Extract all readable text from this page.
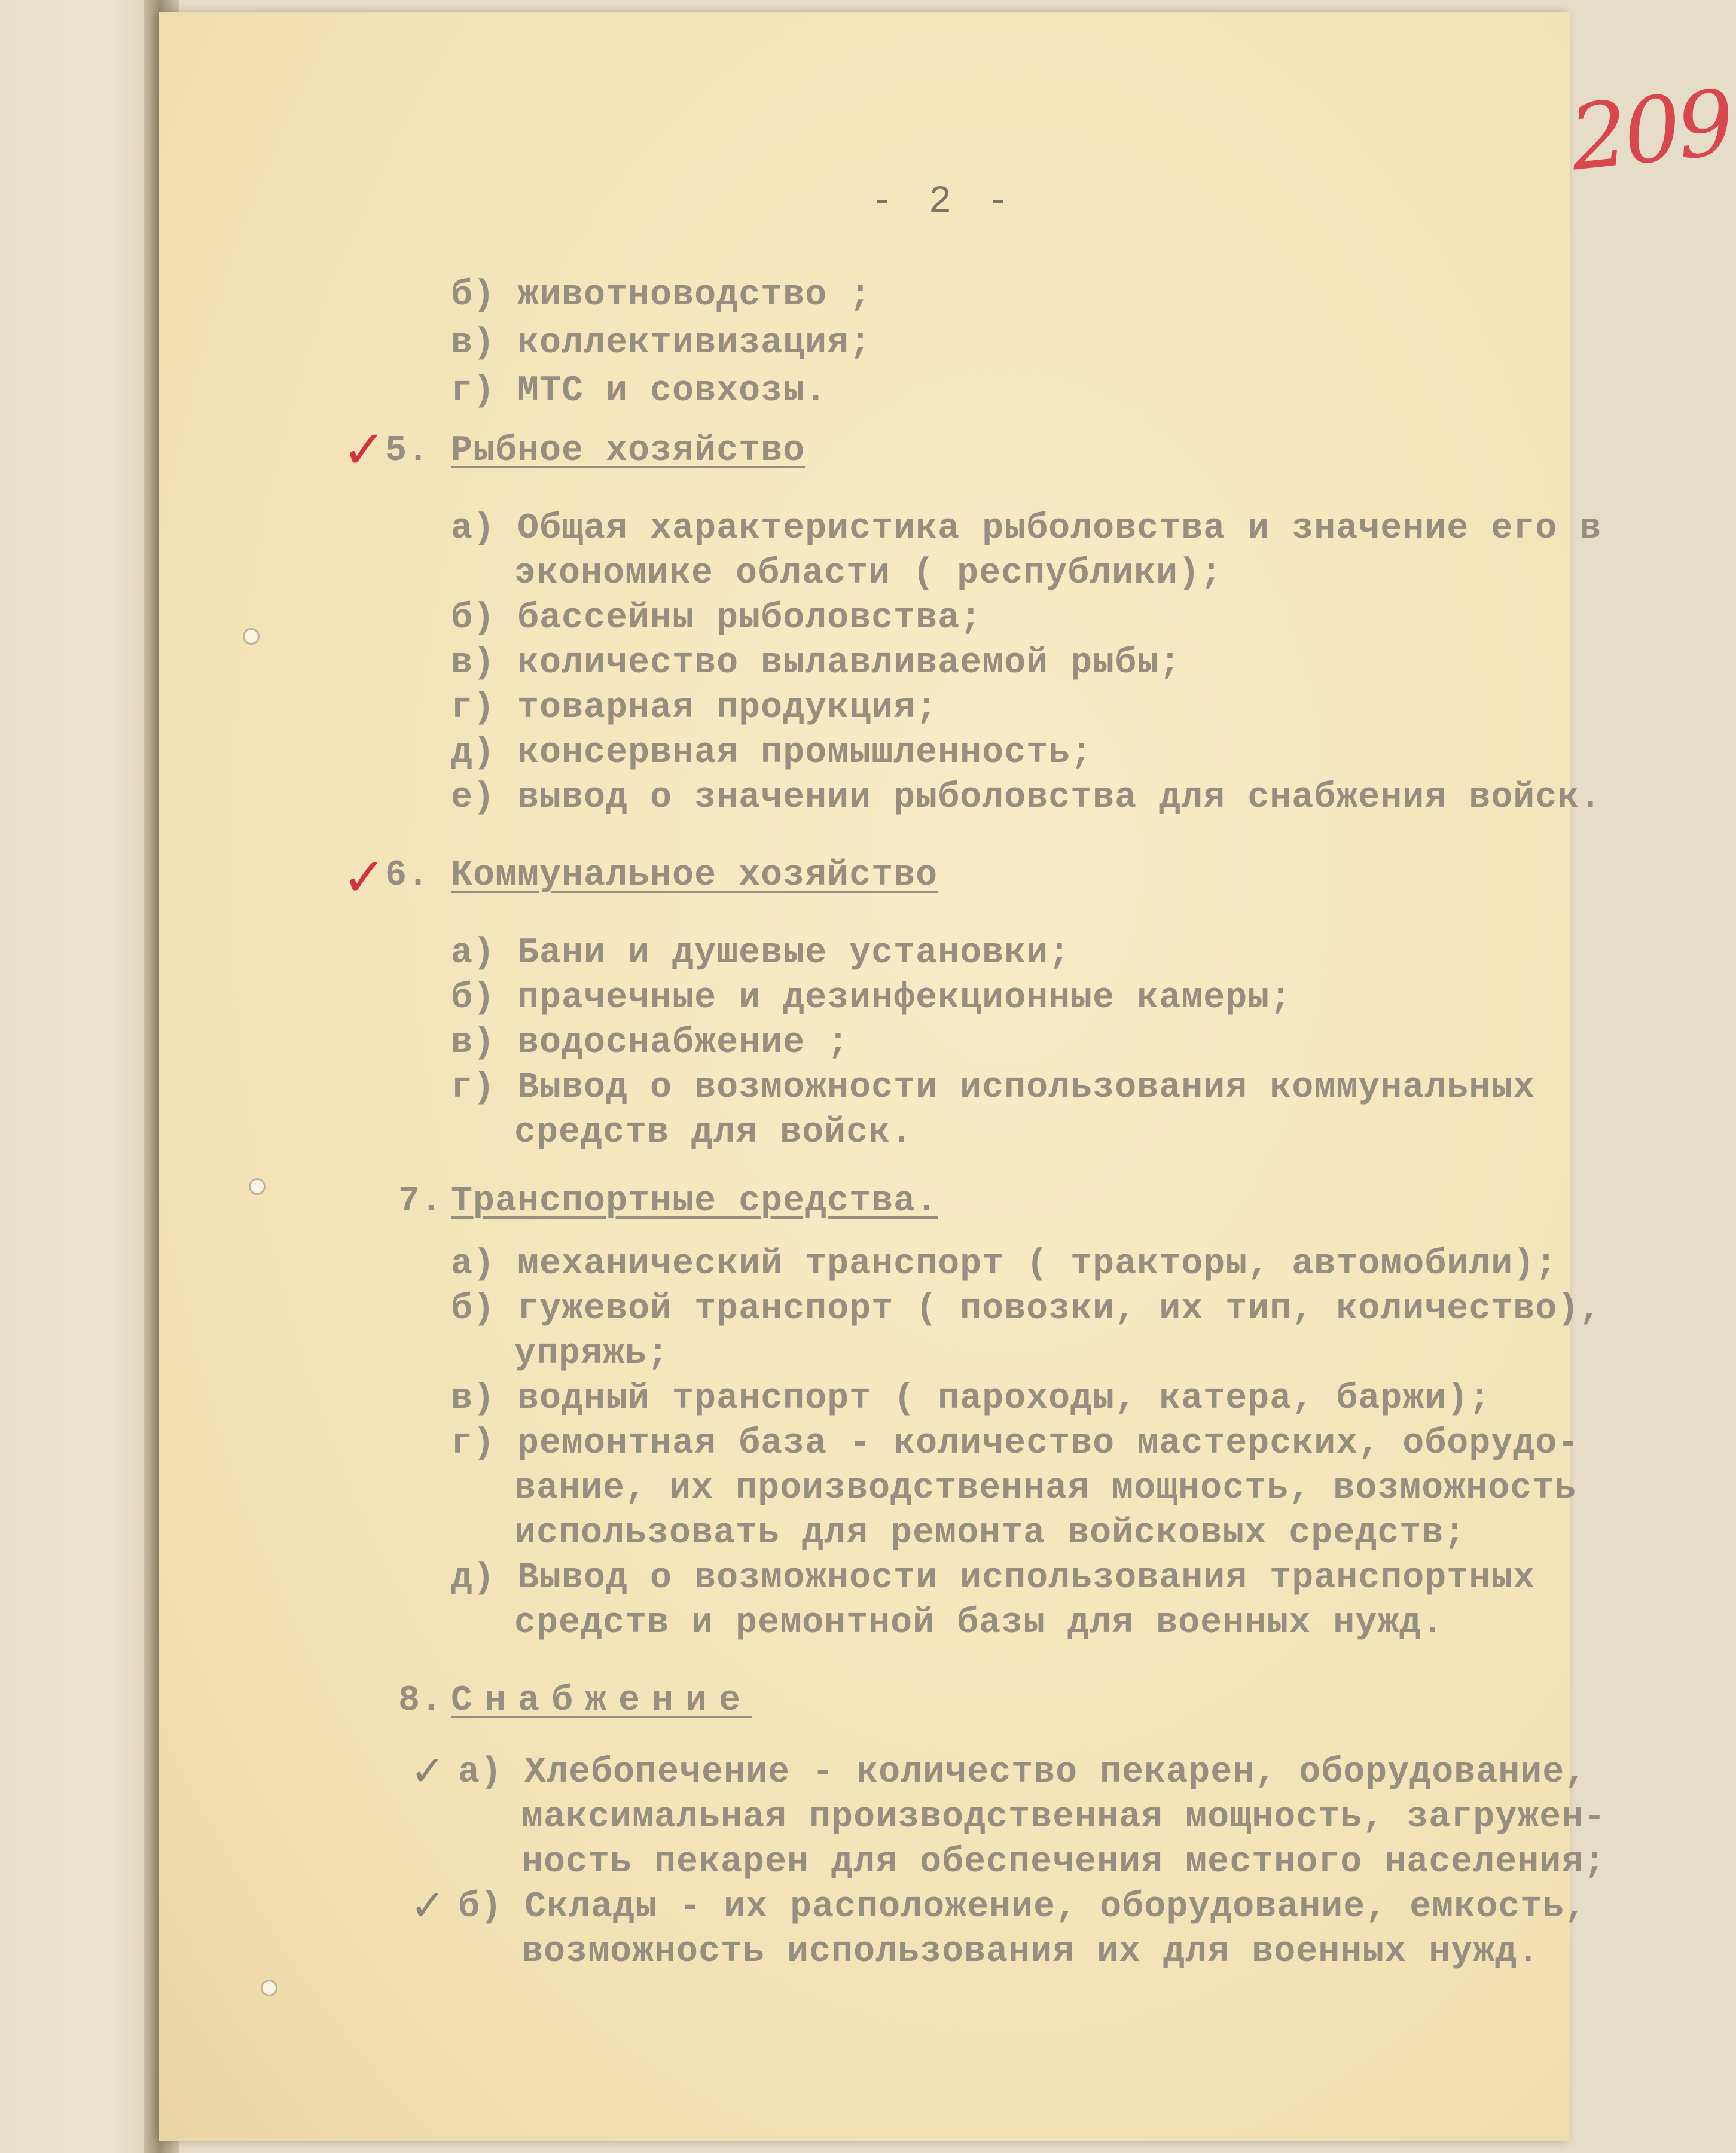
209
- 2 -
б) животноводство ;
в) коллективизация;
г) МТС и совхозы.
✓
5. Рыбное хозяйство
а) Общая характеристика рыболовства и значение его в
экономике области ( республики);
б) бассейны рыболовства;
в) количество вылавливаемой рыбы;
г) товарная продукция;
д) консервная промышленность;
е) вывод о значении рыболовства для снабжения войск.
✓
6. Коммунальное хозяйство
а) Бани и душевые установки;
б) прачечные и дезинфекционные камеры;
в) водоснабжение ;
г) Вывод о возможности использования коммунальных
средств для войск.
7. Транспортные средства.
а) механический транспорт ( тракторы, автомобили);
б) гужевой транспорт ( повозки, их тип, количество),
упряжь;
в) водный транспорт ( пароходы, катера, баржи);
г) ремонтная база - количество мастерских, оборудо-
вание, их производственная мощность, возможность
использовать для ремонта войсковых средств;
д) Вывод о возможности использования транспортных
средств и ремонтной базы для военных нужд.
8. Снабжение
✓ а) Хлебопечение - количество пекарен, оборудование,
максимальная производственная мощность, загружен-
ность пекарен для обеспечения местного населения;
✓ б) Склады - их расположение, оборудование, емкость,
возможность использования их для военных нужд.
